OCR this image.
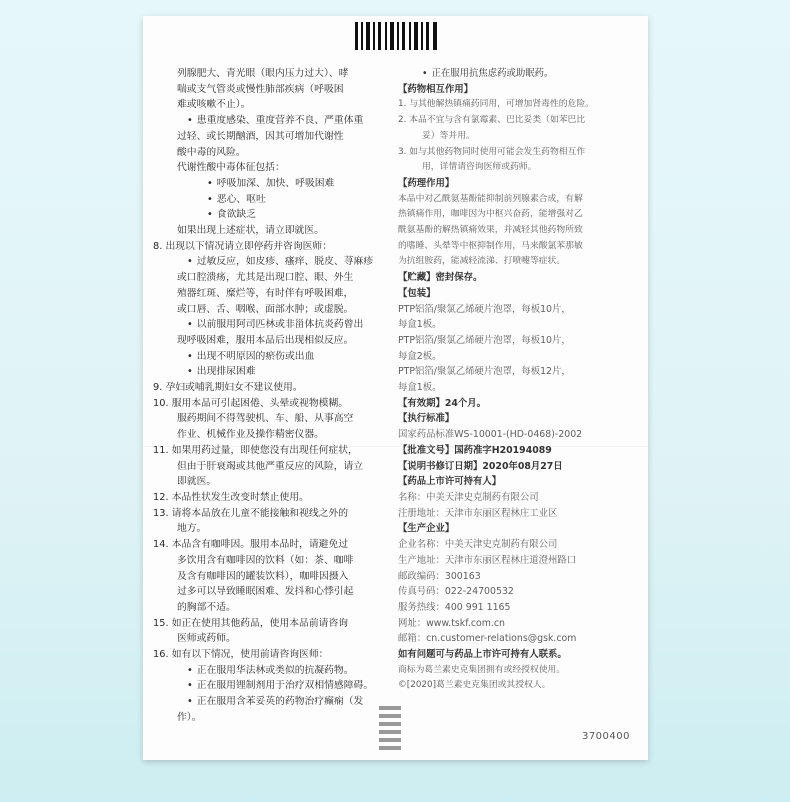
列腺肥大、青光眼（眼内压力过大）、哮
喘或支气管炎或慢性肺部疾病（呼吸困
难或咳嗽不止）。
• 患重度感染、重度营养不良、严重体重
过轻、或长期酗酒，因其可增加代谢性
酸中毒的风险。
代谢性酸中毒体征包括：
• 呼吸加深、加快、呼吸困难
• 恶心、呕吐
• 食欲缺乏
如果出现上述症状，请立即就医。
8. 出现以下情况请立即停药并咨询医师：
• 过敏反应，如皮疹、瘙痒、脱皮、荨麻疹
或口腔溃疡，尤其是出现口腔、眼、外生
殖器红斑、糜烂等，有时伴有呼吸困难，
或口唇、舌、咽喉、面部水肿；或虚脱。
• 以前服用阿司匹林或非甾体抗炎药曾出
现呼吸困难，服用本品后出现相似反应。
• 出现不明原因的瘀伤或出血
• 出现排尿困难
9. 孕妇或哺乳期妇女不建议使用。
10. 服用本品可引起困倦、头晕或视物模糊。
服药期间不得驾驶机、车、船、从事高空
作业、机械作业及操作精密仪器。
11. 如果用药过量，即使您没有出现任何症状，
但由于肝衰竭或其他严重反应的风险，请立
即就医。
12. 本品性状发生改变时禁止使用。
13. 请将本品放在儿童不能接触和视线之外的
地方。
14. 本品含有咖啡因。服用本品时，请避免过
多饮用含有咖啡因的饮料（如：茶、咖啡
及含有咖啡因的罐装饮料），咖啡因摄入
过多可以导致睡眠困难、发抖和心悸引起
的胸部不适。
15. 如正在使用其他药品，使用本品前请咨询
医师或药师。
16. 如有以下情况，使用前请咨询医师：
• 正在服用华法林或类似的抗凝药物。
• 正在服用锂制剂用于治疗双相情感障碍。
• 正在服用含苯妥英的药物治疗癫痫（发
作）。
• 正在服用抗焦虑药或助眠药。
【药物相互作用】
1. 与其他解热镇痛药同用，可增加肾毒性的危险。
2. 本品不宜与含有氯霉素、巴比妥类（如苯巴比
妥）等并用。
3. 如与其他药物同时使用可能会发生药物相互作
用，详情请咨询医师或药师。
【药理作用】
本品中对乙酰氨基酚能抑制前列腺素合成，有解
热镇痛作用，咖啡因为中枢兴奋药，能增强对乙
酰氨基酚的解热镇痛效果，并减轻其他药物所致
的嗜睡、头晕等中枢抑制作用，马来酸氯苯那敏
为抗组胺药，能减轻流涕、打喷嚏等症状。
【贮藏】密封保存。
【包装】
PTP铝箔/聚氯乙烯硬片泡罩，每板10片，
每盒1板。
PTP铝箔/聚氯乙烯硬片泡罩，每板10片，
每盒2板。
PTP铝箔/聚氯乙烯硬片泡罩，每板12片，
每盒1板。
【有效期】24个月。
【执行标准】
国家药品标准WS-10001-(HD-0468)-2002
【批准文号】国药准字H20194089
【说明书修订日期】2020年08月27日
【药品上市许可持有人】
名称：中美天津史克制药有限公司
注册地址：天津市东丽区程林庄工业区
【生产企业】
企业名称：中美天津史克制药有限公司
生产地址：天津市东丽区程林庄道澄州路口
邮政编码：300163
传真号码：022-24700532
服务热线：400 991 1165
网址：www.tskf.com.cn
邮箱：cn.customer-relations@gsk.com
如有问题可与药品上市许可持有人联系。
商标为葛兰素史克集团拥有或经授权使用。
©[2020]葛兰素史克集团或其授权人。
3700400
